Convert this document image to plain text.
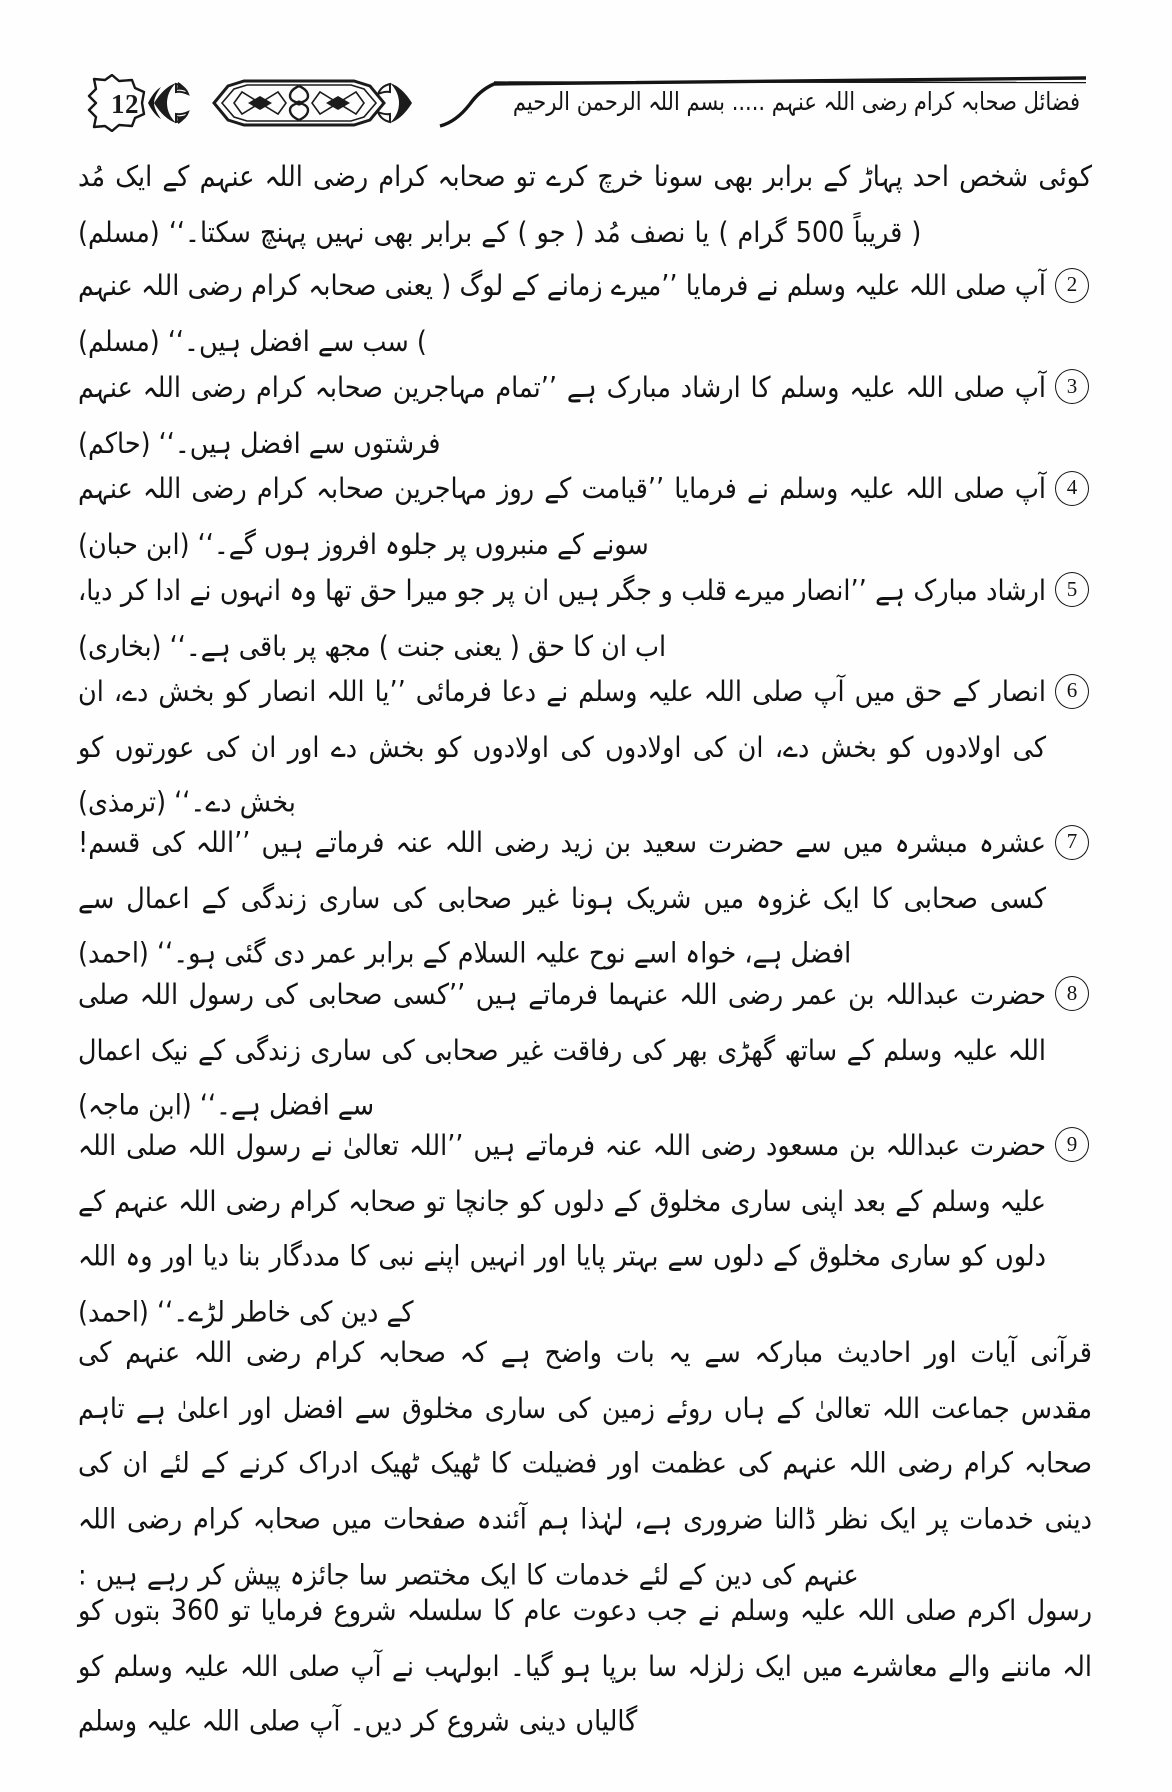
12	فضائل صحابہ کرام رضی اللہ عنہم ..... بسم اللہ الرحمن الرحیم

کوئی شخص احد پہاڑ کے برابر بھی سونا خرچ کرے تو صحابہ کرام رضی اللہ عنہم کے ایک مُد ( قریباً 500 گرام ) یا نصف مُد ( جو ) کے برابر بھی نہیں پہنچ سکتا۔‘‘ (مسلم)

2
آپ صلی اللہ علیہ وسلم نے فرمایا ’’میرے زمانے کے لوگ ( یعنی صحابہ کرام رضی اللہ عنہم ) سب سے افضل ہیں۔‘‘ (مسلم)
3
آپ صلی اللہ علیہ وسلم کا ارشاد مبارک ہے ’’تمام مہاجرین صحابہ کرام رضی اللہ عنہم فرشتوں سے افضل ہیں۔‘‘ (حاکم)
4
آپ صلی اللہ علیہ وسلم نے فرمایا ’’قیامت کے روز مہاجرین صحابہ کرام رضی اللہ عنہم سونے کے منبروں پر جلوہ افروز ہوں گے۔‘‘ (ابن حبان)
5
ارشاد مبارک ہے ’’انصار میرے قلب و جگر ہیں ان پر جو میرا حق تھا وہ انہوں نے ادا کر دیا، اب ان کا حق ( یعنی جنت ) مجھ پر باقی ہے۔‘‘ (بخاری)
6
انصار کے حق میں آپ صلی اللہ علیہ وسلم نے دعا فرمائی ’’یا اللہ انصار کو بخش دے، ان کی اولادوں کو بخش دے، ان کی اولادوں کی اولادوں کو بخش دے اور ان کی عورتوں کو بخش دے۔‘‘ (ترمذی)
7
عشرہ مبشرہ میں سے حضرت سعید بن زید رضی اللہ عنہ فرماتے ہیں ’’اللہ کی قسم! کسی صحابی کا ایک غزوہ میں شریک ہونا غیر صحابی کی ساری زندگی کے اعمال سے افضل ہے، خواہ اسے نوح علیہ السلام کے برابر عمر دی گئی ہو۔‘‘ (احمد)
8
حضرت عبداللہ بن عمر رضی اللہ عنہما فرماتے ہیں ’’کسی صحابی کی رسول اللہ صلی اللہ علیہ وسلم کے ساتھ گھڑی بھر کی رفاقت غیر صحابی کی ساری زندگی کے نیک اعمال سے افضل ہے۔‘‘ (ابن ماجہ)
9
حضرت عبداللہ بن مسعود رضی اللہ عنہ فرماتے ہیں ’’اللہ تعالیٰ نے رسول اللہ صلی اللہ علیہ وسلم کے بعد اپنی ساری مخلوق کے دلوں کو جانچا تو صحابہ کرام رضی اللہ عنہم کے دلوں کو ساری مخلوق کے دلوں سے بہتر پایا اور انہیں اپنے نبی کا مددگار بنا دیا اور وہ اللہ کے دین کی خاطر لڑے۔‘‘ (احمد)

قرآنی آیات اور احادیث مبارکہ سے یہ بات واضح ہے کہ صحابہ کرام رضی اللہ عنہم کی مقدس جماعت اللہ تعالیٰ کے ہاں روئے زمین کی ساری مخلوق سے افضل اور اعلیٰ ہے تاہم صحابہ کرام رضی اللہ عنہم کی عظمت اور فضیلت کا ٹھیک ٹھیک ادراک کرنے کے لئے ان کی دینی خدمات پر ایک نظر ڈالنا ضروری ہے، لہٰذا ہم آئندہ صفحات میں صحابہ کرام رضی اللہ عنہم کی دین کے لئے خدمات کا ایک مختصر سا جائزہ پیش کر رہے ہیں :

رسول اکرم صلی اللہ علیہ وسلم نے جب دعوت عام کا سلسلہ شروع فرمایا تو 360 بتوں کو الہ ماننے والے معاشرے میں ایک زلزلہ سا برپا ہو گیا۔ ابولہب نے آپ صلی اللہ علیہ وسلم کو گالیاں دینی شروع کر دیں۔ آپ صلی اللہ علیہ وسلم
